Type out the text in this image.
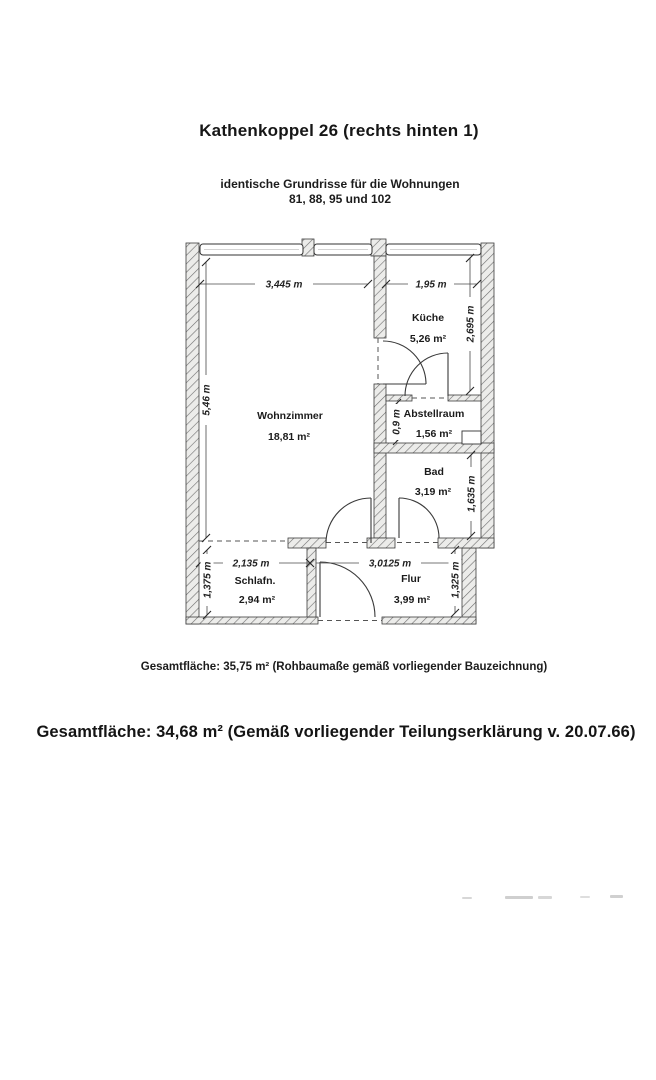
Kathenkoppel 26 (rechts hinten 1)
identische Grundrisse für die Wohnungen
81, 88, 95 und 102
3,445 m	1,95 m
5,46 m
2,695 m
0,9 m
1,635 m
2,135 m
1,375 m	3,0125 m	1,325 m
Wohnzimmer
18,81 m²
Küche
5,26 m²
Abstellraum
1,56 m²
Bad
3,19 m²
Schlafn.
2,94 m²
Flur
3,99 m²
Gesamtfläche: 35,75 m² (Rohbaumaße gemäß vorliegender Bauzeichnung)
Gesamtfläche: 34,68 m² (Gemäß vorliegender Teilungserklärung v. 20.07.66)
